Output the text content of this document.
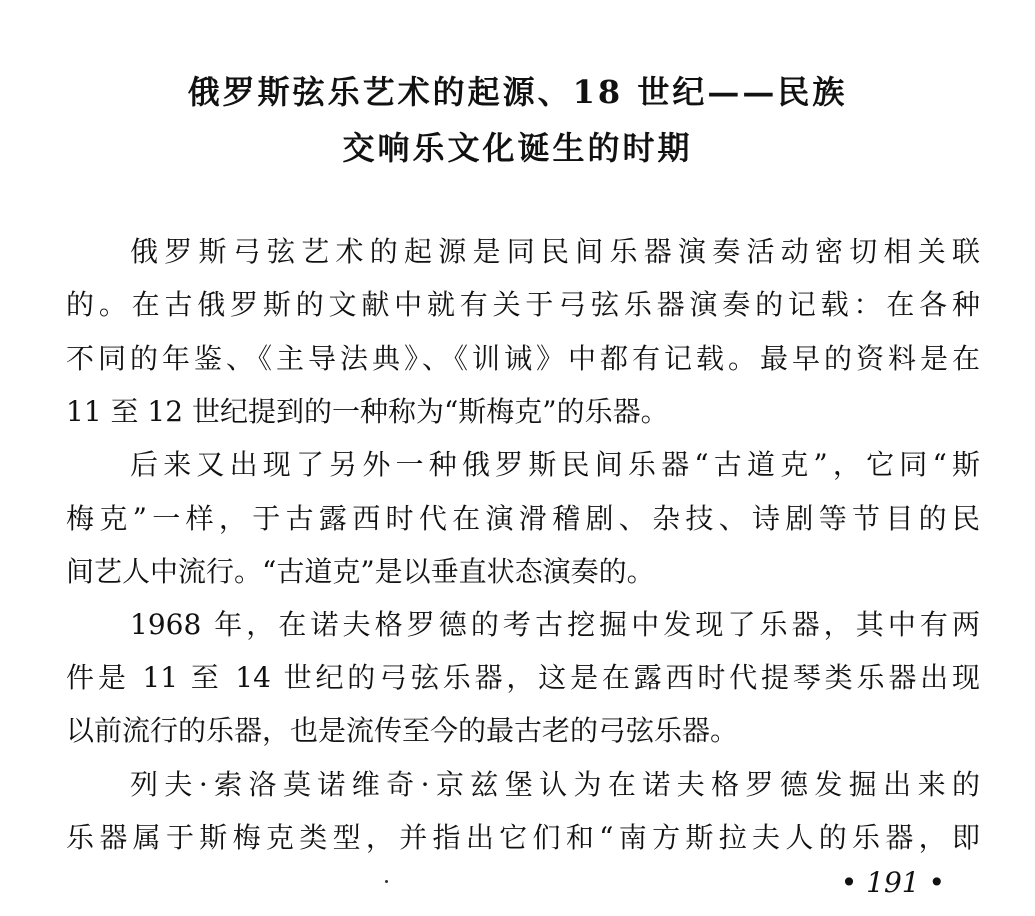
俄罗斯弦乐艺术的起源、18 世纪——民族
交响乐文化诞生的时期
俄罗斯弓弦艺术的起源是同民间乐器演奏活动密切相关联
的。在古俄罗斯的文献中就有关于弓弦乐器演奏的记载：在各种
不同的年鉴、《主导法典》、《训诫》中都有记载。最早的资料是在
11 至 12 世纪提到的一种称为“斯梅克”的乐器。
后来又出现了另外一种俄罗斯民间乐器“古道克”，它同“斯
梅克”一样，于古露西时代在演滑稽剧、杂技、诗剧等节目的民
间艺人中流行。“古道克”是以垂直状态演奏的。
1968 年，在诺夫格罗德的考古挖掘中发现了乐器，其中有两
件是 11 至 14 世纪的弓弦乐器，这是在露西时代提琴类乐器出现
以前流行的乐器，也是流传至今的最古老的弓弦乐器。
列夫·索洛莫诺维奇·京兹堡认为在诺夫格罗德发掘出来的
乐器属于斯梅克类型，并指出它们和“南方斯拉夫人的乐器，即
• 191 •
